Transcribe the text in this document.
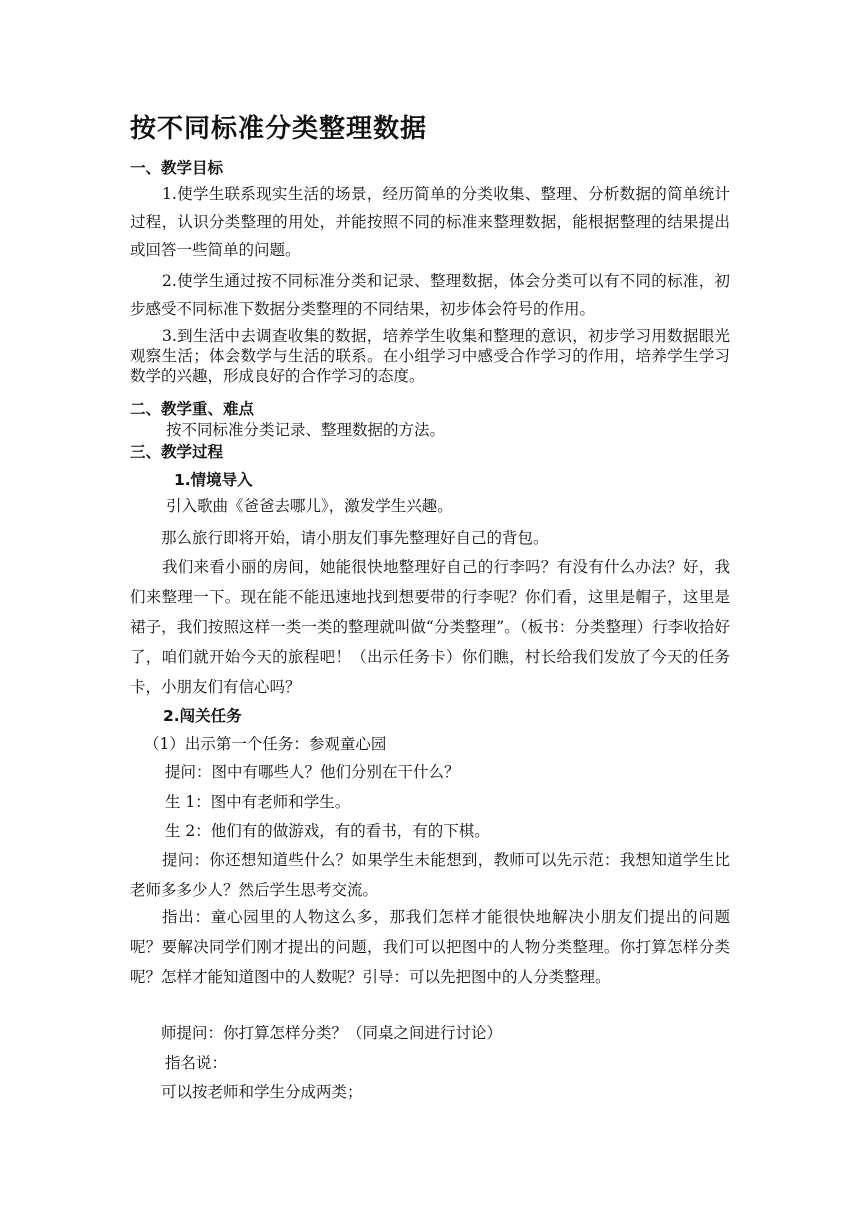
按不同标准分类整理数据
一、教学目标
1.使学生联系现实生活的场景，经历简单的分类收集、整理、分析数据的简单统计过程，认识分类整理的用处，并能按照不同的标准来整理数据，能根据整理的结果提出或回答一些简单的问题。
2.使学生通过按不同标准分类和记录、整理数据，体会分类可以有不同的标准，初步感受不同标准下数据分类整理的不同结果，初步体会符号的作用。
3.到生活中去调查收集的数据，培养学生收集和整理的意识，初步学习用数据眼光观察生活；体会数学与生活的联系。在小组学习中感受合作学习的作用，培养学生学习数学的兴趣，形成良好的合作学习的态度。
二、教学重、难点
按不同标准分类记录、整理数据的方法。
三、教学过程
1.情境导入
引入歌曲《爸爸去哪儿》，激发学生兴趣。
那么旅行即将开始，请小朋友们事先整理好自己的背包。
我们来看小丽的房间，她能很快地整理好自己的行李吗？有没有什么办法？好，我们来整理一下。现在能不能迅速地找到想要带的行李呢？你们看，这里是帽子，这里是裙子，我们按照这样一类一类的整理就叫做“分类整理”。（板书：分类整理）行李收拾好了，咱们就开始今天的旅程吧！（出示任务卡）你们瞧，村长给我们发放了今天的任务卡，小朋友们有信心吗？
2.闯关任务
（1）出示第一个任务：参观童心园
提问：图中有哪些人？他们分别在干什么？
生 1：图中有老师和学生。
生 2：他们有的做游戏，有的看书，有的下棋。
提问：你还想知道些什么？如果学生未能想到，教师可以先示范：我想知道学生比老师多多少人？然后学生思考交流。
指出：童心园里的人物这么多，那我们怎样才能很快地解决小朋友们提出的问题呢？要解决同学们刚才提出的问题，我们可以把图中的人物分类整理。你打算怎样分类呢？怎样才能知道图中的人数呢？引导：可以先把图中的人分类整理。
师提问：你打算怎样分类？（同桌之间进行讨论）
指名说：
可以按老师和学生分成两类；
